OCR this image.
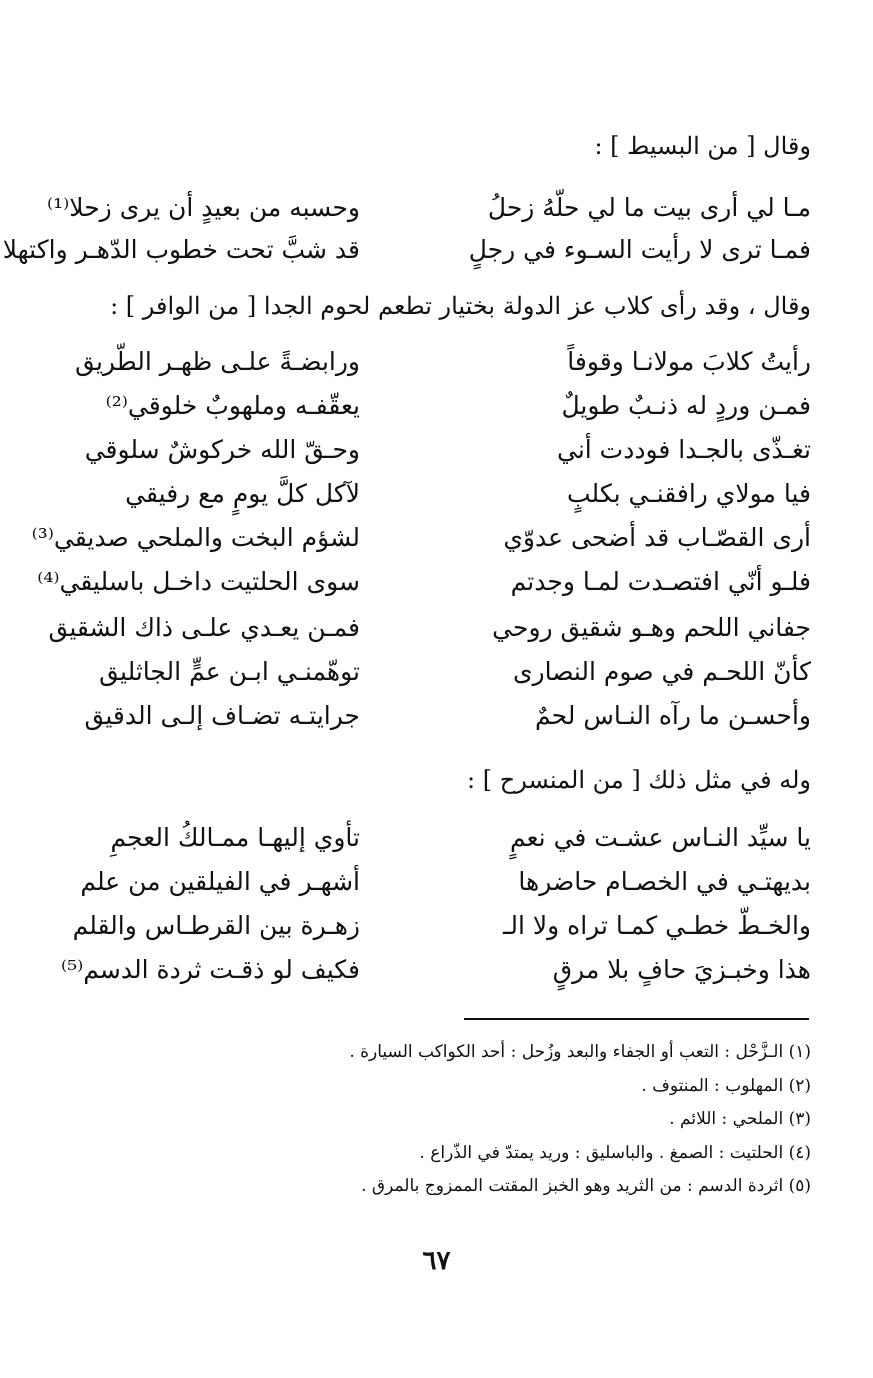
وقال [ من البسيط ] :
مـا لي أرى بيت ما لي حلّهُ زحلُ
وحسبه من بعيدٍ أن يرى زحلا⁽¹⁾
فمـا ترى لا رأيت السـوء في رجلٍ
قد شبَّ تحت خطوب الدّهـر واكتهلا
وقال ، وقد رأى كلاب عز الدولة بختيار تطعم لحوم الجدا [ من الوافر ] :
رأيتُ كلابَ مولانـا وقوفاً
ورابضـةً علـى ظهـر الطّريق
فمـن وردٍ له ذنـبٌ طويلٌ
يعقّفـه وملهوبٌ خلوقي⁽²⁾
تغـذّى بالجـدا فوددت أني
وحـقّ الله خركوشٌ سلوقي
فيا مولاي رافقنـي بكلبٍ
لآكل كلَّ يومٍ مع رفيقي
أرى القصّـاب قد أضحى عدوّي
لشؤم البخت والملحي صديقي⁽³⁾
فلـو أنّي افتصـدت لمـا وجدتم
سوى الحلتيت داخـل باسليقي⁽⁴⁾
جفاني اللحم وهـو شقيق روحي
فمـن يعـدي علـى ذاك الشقيق
كأنّ اللحـم في صوم النصارى
توهّمنـي ابـن عمٍّ الجاثليق
وأحسـن ما رآه النـاس لحمٌ
جرايتـه تضـاف إلـى الدقيق
وله في مثل ذلك [ من المنسرح ] :
يا سيِّد النـاس عشـت في نعمٍ
تأوي إليهـا ممـالكُ العجمِ
بديهتـي في الخصـام حاضرها
أشهـر في الفيلقين من علم
والخـطّ خطـي كمـا تراه ولا الـ
زهـرة بين القرطـاس والقلم
هذا وخبـزيَ حافٍ بلا مرقٍ
فكيف لو ذقـت ثردة الدسم⁽⁵⁾
(١) الـزَّحْل : التعب أو الجفاء والبعد وزُحل : أحد الكواكب السيارة .
(٢) المهلوب : المنتوف .
(٣) الملحي : اللائم .
(٤) الحلتيت : الصمغ . والباسليق : وريد يمتدّ في الذّراع .
(٥) اثردة الدسم : من الثريد وهو الخبز المقتت الممزوج بالمرق .
٦٧
